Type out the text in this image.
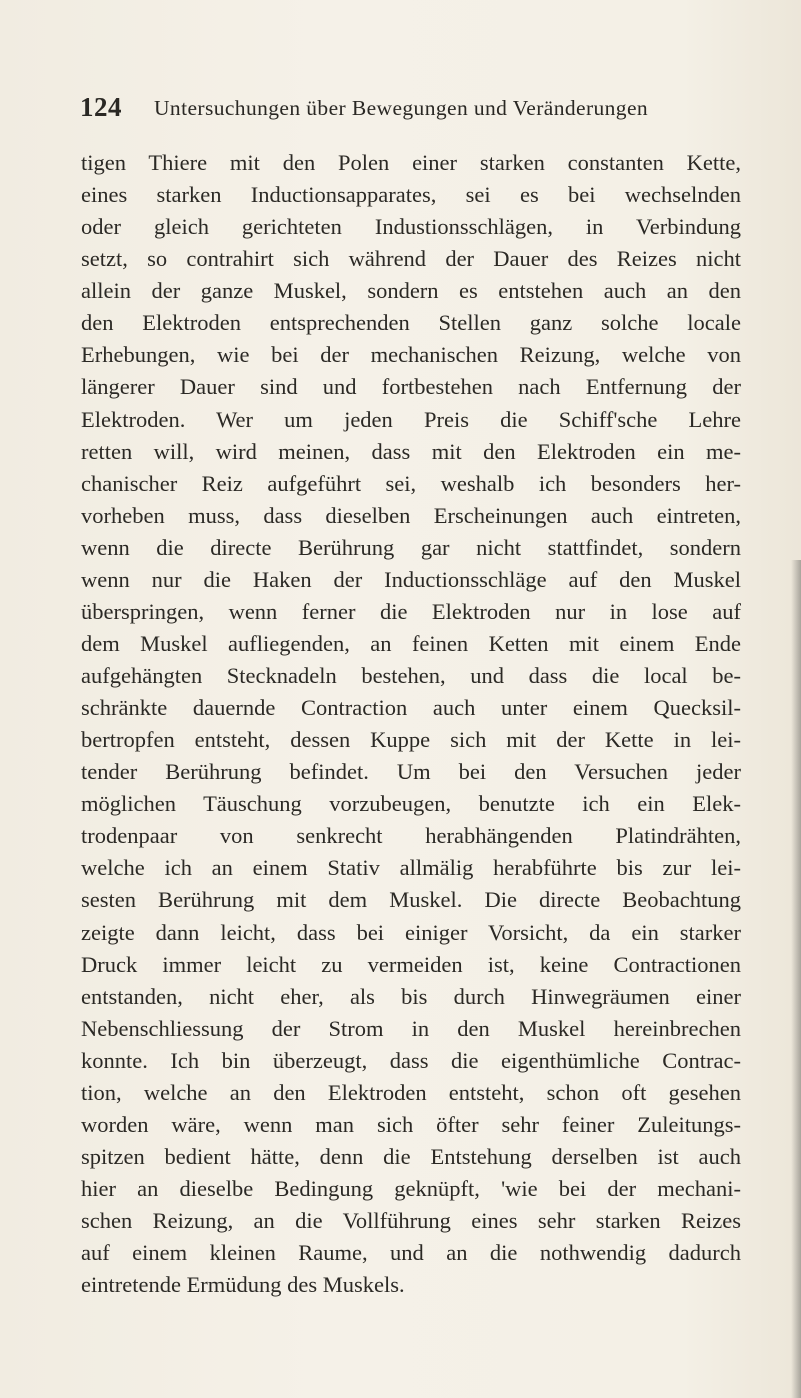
124 Untersuchungen über Bewegungen und Veränderungen
tigen Thiere mit den Polen einer starken constanten Kette,
eines starken Inductionsapparates, sei es bei wechselnden
oder gleich gerichteten Industionsschlägen, in Verbindung
setzt, so contrahirt sich während der Dauer des Reizes nicht
allein der ganze Muskel, sondern es entstehen auch an den
den Elektroden entsprechenden Stellen ganz solche locale
Erhebungen, wie bei der mechanischen Reizung, welche von
längerer Dauer sind und fortbestehen nach Entfernung der
Elektroden. Wer um jeden Preis die Schiff'sche Lehre
retten will, wird meinen, dass mit den Elektroden ein me-
chanischer Reiz aufgeführt sei, weshalb ich besonders her-
vorheben muss, dass dieselben Erscheinungen auch eintreten,
wenn die directe Berührung gar nicht stattfindet, sondern
wenn nur die Haken der Inductionsschläge auf den Muskel
überspringen, wenn ferner die Elektroden nur in lose auf
dem Muskel aufliegenden, an feinen Ketten mit einem Ende
aufgehängten Stecknadeln bestehen, und dass die local be-
schränkte dauernde Contraction auch unter einem Quecksil-
bertropfen entsteht, dessen Kuppe sich mit der Kette in lei-
tender Berührung befindet. Um bei den Versuchen jeder
möglichen Täuschung vorzubeugen, benutzte ich ein Elek-
trodenpaar von senkrecht herabhängenden Platindrähten,
welche ich an einem Stativ allmälig herabführte bis zur lei-
sesten Berührung mit dem Muskel. Die directe Beobachtung
zeigte dann leicht, dass bei einiger Vorsicht, da ein starker
Druck immer leicht zu vermeiden ist, keine Contractionen
entstanden, nicht eher, als bis durch Hinwegräumen einer
Nebenschliessung der Strom in den Muskel hereinbrechen
konnte. Ich bin überzeugt, dass die eigenthümliche Contrac-
tion, welche an den Elektroden entsteht, schon oft gesehen
worden wäre, wenn man sich öfter sehr feiner Zuleitungs-
spitzen bedient hätte, denn die Entstehung derselben ist auch
hier an dieselbe Bedingung geknüpft, 'wie bei der mechani-
schen Reizung, an die Vollführung eines sehr starken Reizes
auf einem kleinen Raume, und an die nothwendig dadurch
eintretende Ermüdung des Muskels.
